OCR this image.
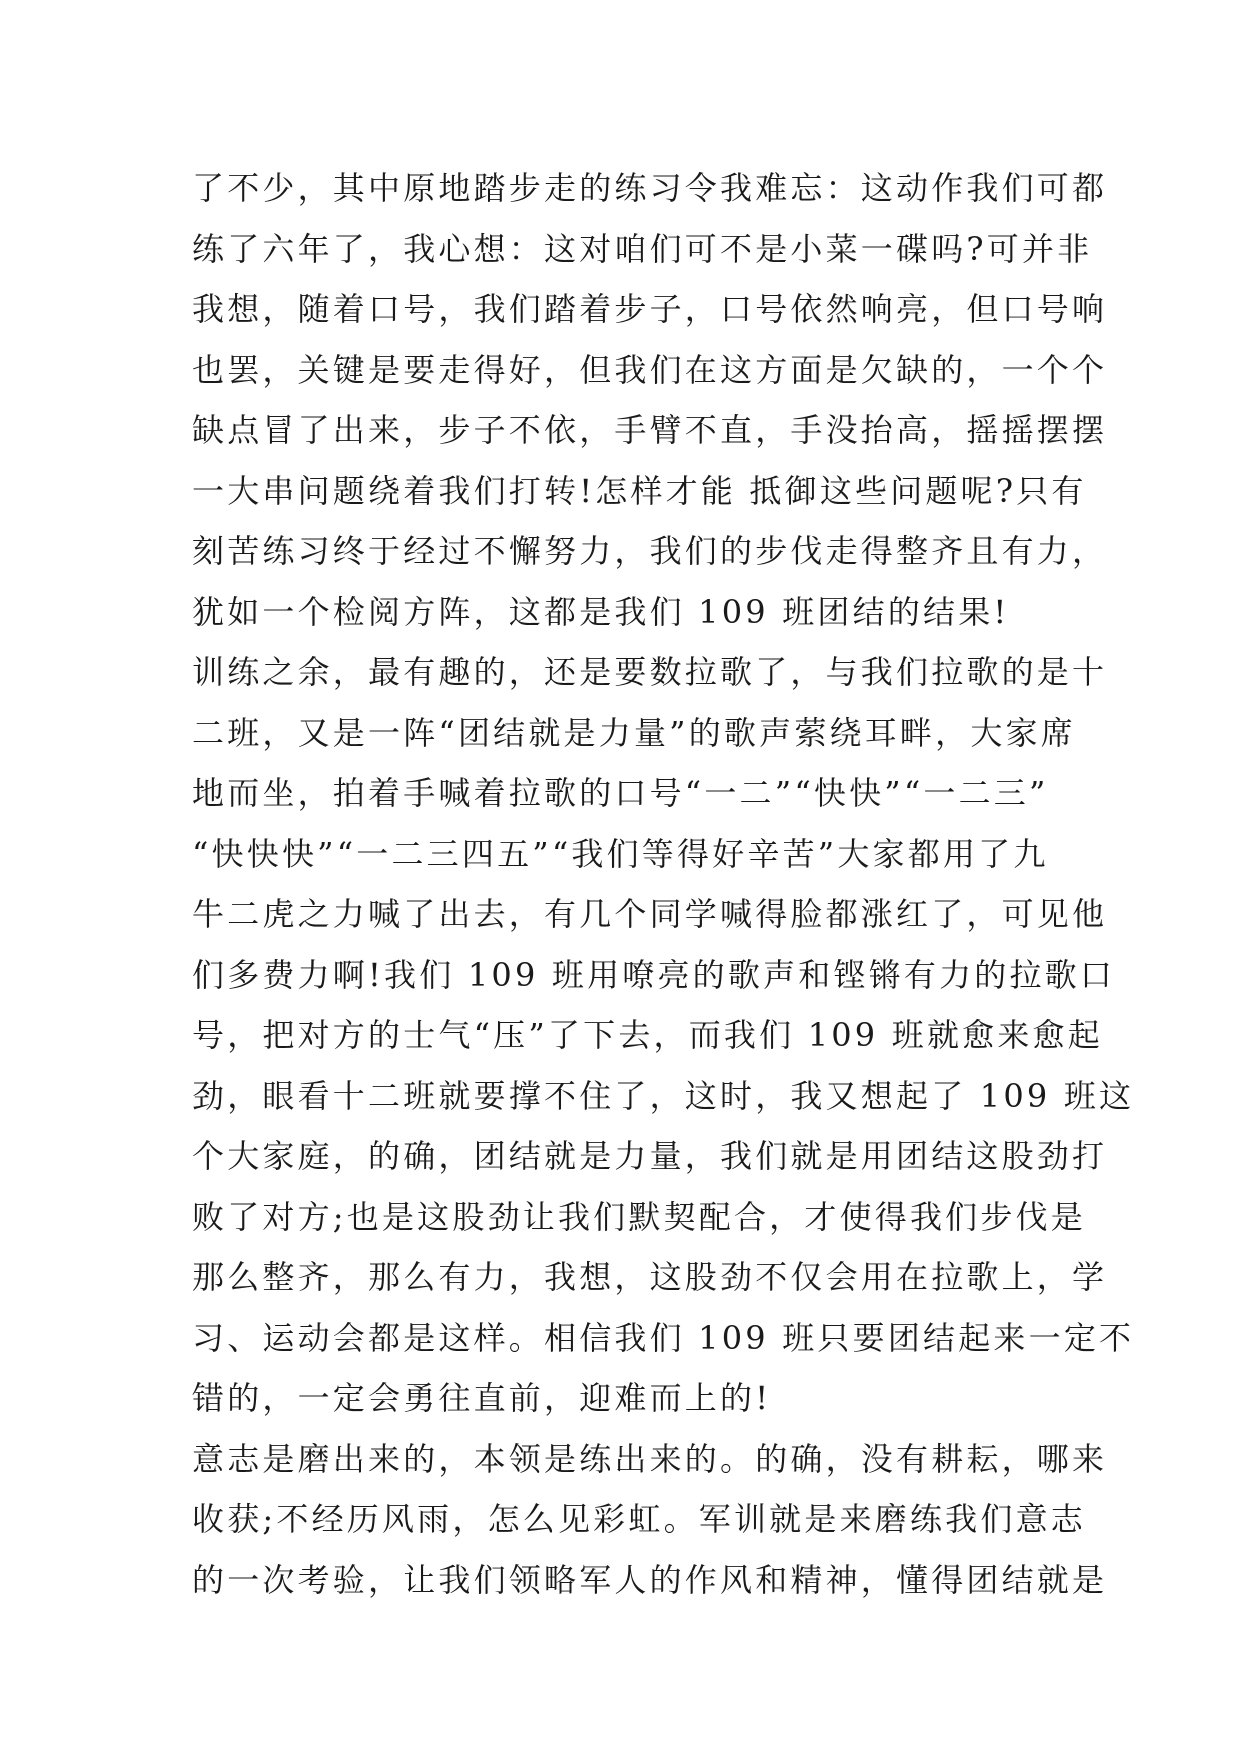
了不少，其中原地踏步走的练习令我难忘：这动作我们可都
练了六年了，我心想：这对咱们可不是小菜一碟吗?可并非
我想，随着口号，我们踏着步子，口号依然响亮，但口号响
也罢，关键是要走得好，但我们在这方面是欠缺的，一个个
缺点冒了出来，步子不依，手臂不直，手没抬高，摇摇摆摆
一大串问题绕着我们打转!怎样才能 抵御这些问题呢?只有
刻苦练习终于经过不懈努力，我们的步伐走得整齐且有力，
犹如一个检阅方阵，这都是我们 109 班团结的结果!
训练之余，最有趣的，还是要数拉歌了，与我们拉歌的是十
二班，又是一阵“团结就是力量”的歌声萦绕耳畔，大家席
地而坐，拍着手喊着拉歌的口号“一二”“快快”“一二三”
“快快快”“一二三四五”“我们等得好辛苦”大家都用了九
牛二虎之力喊了出去，有几个同学喊得脸都涨红了，可见他
们多费力啊!我们 109 班用嘹亮的歌声和铿锵有力的拉歌口
号，把对方的士气“压”了下去，而我们 109 班就愈来愈起
劲，眼看十二班就要撑不住了，这时，我又想起了 109 班这
个大家庭，的确，团结就是力量，我们就是用团结这股劲打
败了对方;也是这股劲让我们默契配合，才使得我们步伐是
那么整齐，那么有力，我想，这股劲不仅会用在拉歌上，学
习、运动会都是这样。相信我们 109 班只要团结起来一定不
错的，一定会勇往直前，迎难而上的!
意志是磨出来的，本领是练出来的。的确，没有耕耘，哪来
收获;不经历风雨，怎么见彩虹。军训就是来磨练我们意志
的一次考验，让我们领略军人的作风和精神，懂得团结就是
